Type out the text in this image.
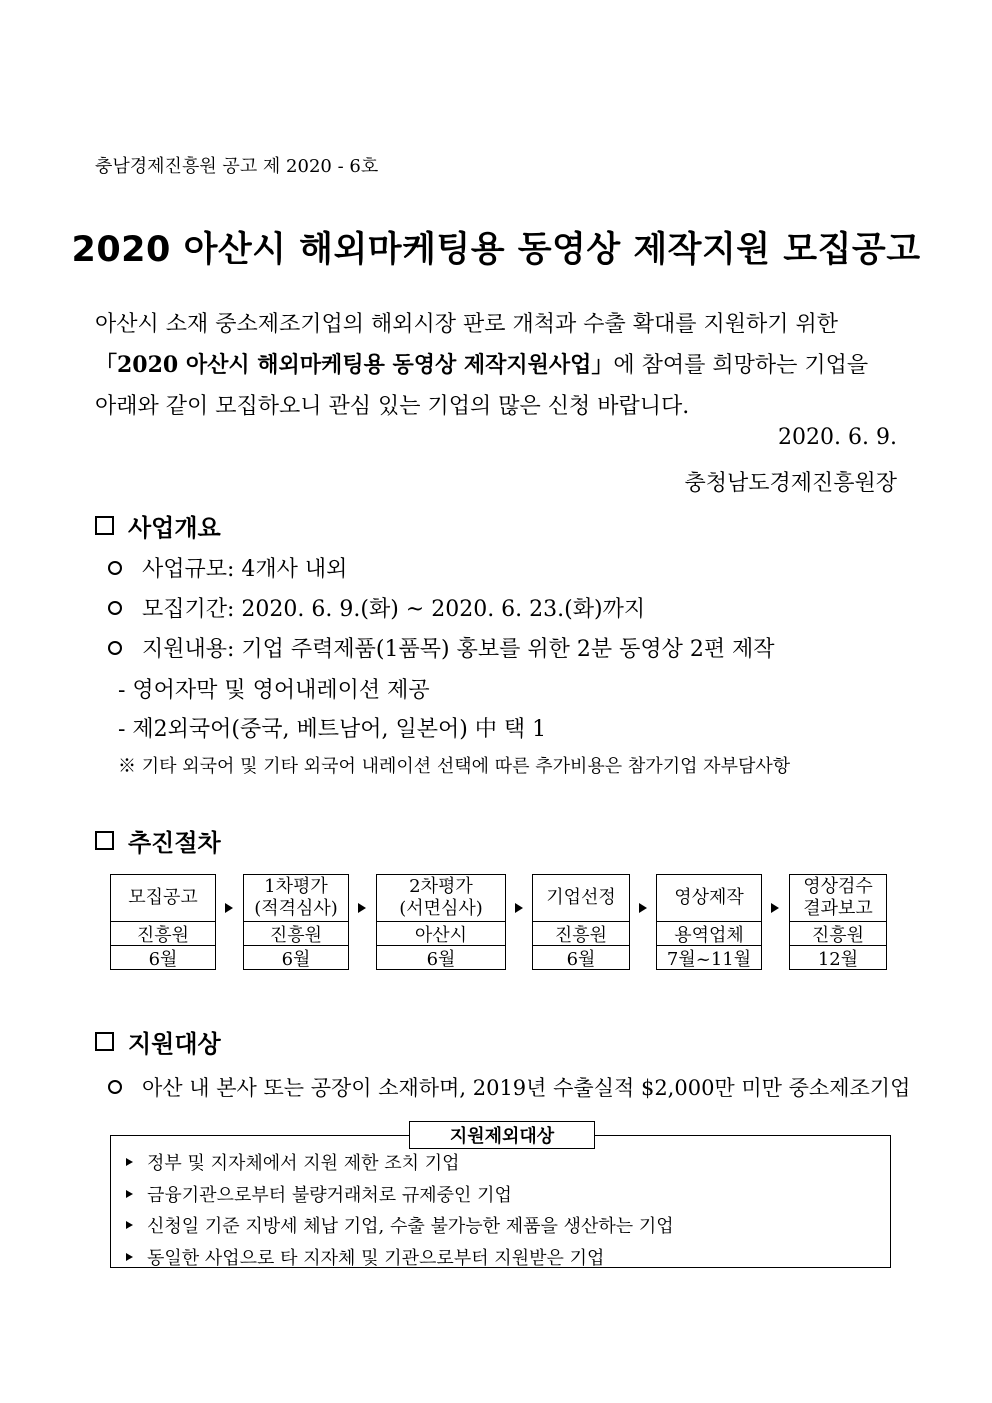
충남경제진흥원 공고 제 2020 - 6호
2020 아산시 해외마케팅용 동영상 제작지원 모집공고

아산시 소재 중소제조기업의 해외시장 판로 개척과 수출 확대를 지원하기 위한

「2020 아산시 해외마케팅용 동영상 제작지원사업」에 참여를 희망하는 기업을

아래와 같이 모집하오니 관심 있는 기업의 많은 신청 바랍니다.

2020. 6. 9.
충청남도경제진흥원장
사업개요
사업규모: 4개사 내외
모집기간: 2020. 6. 9.(화) ~ 2020. 6. 23.(화)까지
지원내용: 기업 주력제품(1품목) 홍보를 위한 2분 동영상 2편 제작
- 영어자막 및 영어내레이션 제공
- 제2외국어(중국, 베트남어, 일본어) 中 택 1
※ 기타 외국어 및 기타 외국어 내레이션 선택에 따른 추가비용은 참가기업 자부담사항
추진절차
모집공고
진흥원
6월
1차평가
(적격심사)
진흥원
6월
2차평가
(서면심사)
아산시
6월
기업선정
진흥원
6월
영상제작
용역업체
7월~11월
영상검수
결과보고
진흥원
12월
지원대상
아산 내 본사 또는 공장이 소재하며, 2019년 수출실적 $2,000만 미만 중소제조기업
지원제외대상
정부 및 지자체에서 지원 제한 조치 기업
금융기관으로부터 불량거래처로 규제중인 기업
신청일 기준 지방세 체납 기업, 수출 불가능한 제품을 생산하는 기업
동일한 사업으로 타 지자체 및 기관으로부터 지원받은 기업
